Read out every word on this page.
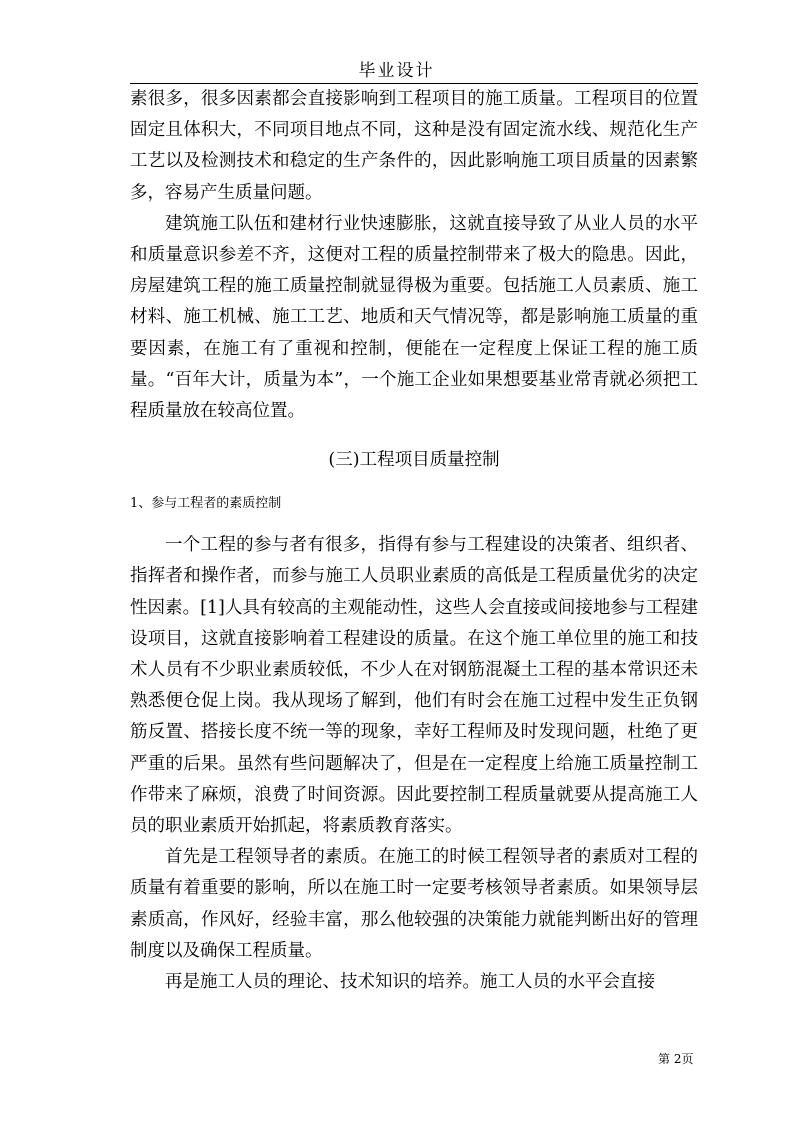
毕业设计

素很多，很多因素都会直接影响到工程项目的施工质量。工程项目的位置固定且体积大，不同项目地点不同，这种是没有固定流水线、规范化生产工艺以及检测技术和稳定的生产条件的，因此影响施工项目质量的因素繁多，容易产生质量问题。

建筑施工队伍和建材行业快速膨胀，这就直接导致了从业人员的水平和质量意识参差不齐，这便对工程的质量控制带来了极大的隐患。因此，房屋建筑工程的施工质量控制就显得极为重要。包括施工人员素质、施工材料、施工机械、施工工艺、地质和天气情况等，都是影响施工质量的重要因素，在施工有了重视和控制，便能在一定程度上保证工程的施工质量。“百年大计，质量为本”，一个施工企业如果想要基业常青就必须把工程质量放在较高位置。

(三)工程项目质量控制

1、参与工程者的素质控制

一个工程的参与者有很多，指得有参与工程建设的决策者、组织者、指挥者和操作者，而参与施工人员职业素质的高低是工程质量优劣的决定性因素。[1]人具有较高的主观能动性，这些人会直接或间接地参与工程建设项目，这就直接影响着工程建设的质量。在这个施工单位里的施工和技术人员有不少职业素质较低，不少人在对钢筋混凝土工程的基本常识还未熟悉便仓促上岗。我从现场了解到，他们有时会在施工过程中发生正负钢筋反置、搭接长度不统一等的现象，幸好工程师及时发现问题，杜绝了更严重的后果。虽然有些问题解决了，但是在一定程度上给施工质量控制工作带来了麻烦，浪费了时间资源。因此要控制工程质量就要从提高施工人员的职业素质开始抓起，将素质教育落实。

首先是工程领导者的素质。在施工的时候工程领导者的素质对工程的质量有着重要的影响，所以在施工时一定要考核领导者素质。如果领导层素质高，作风好，经验丰富，那么他较强的决策能力就能判断出好的管理制度以及确保工程质量。

再是施工人员的理论、技术知识的培养。施工人员的水平会直接

第 2页
